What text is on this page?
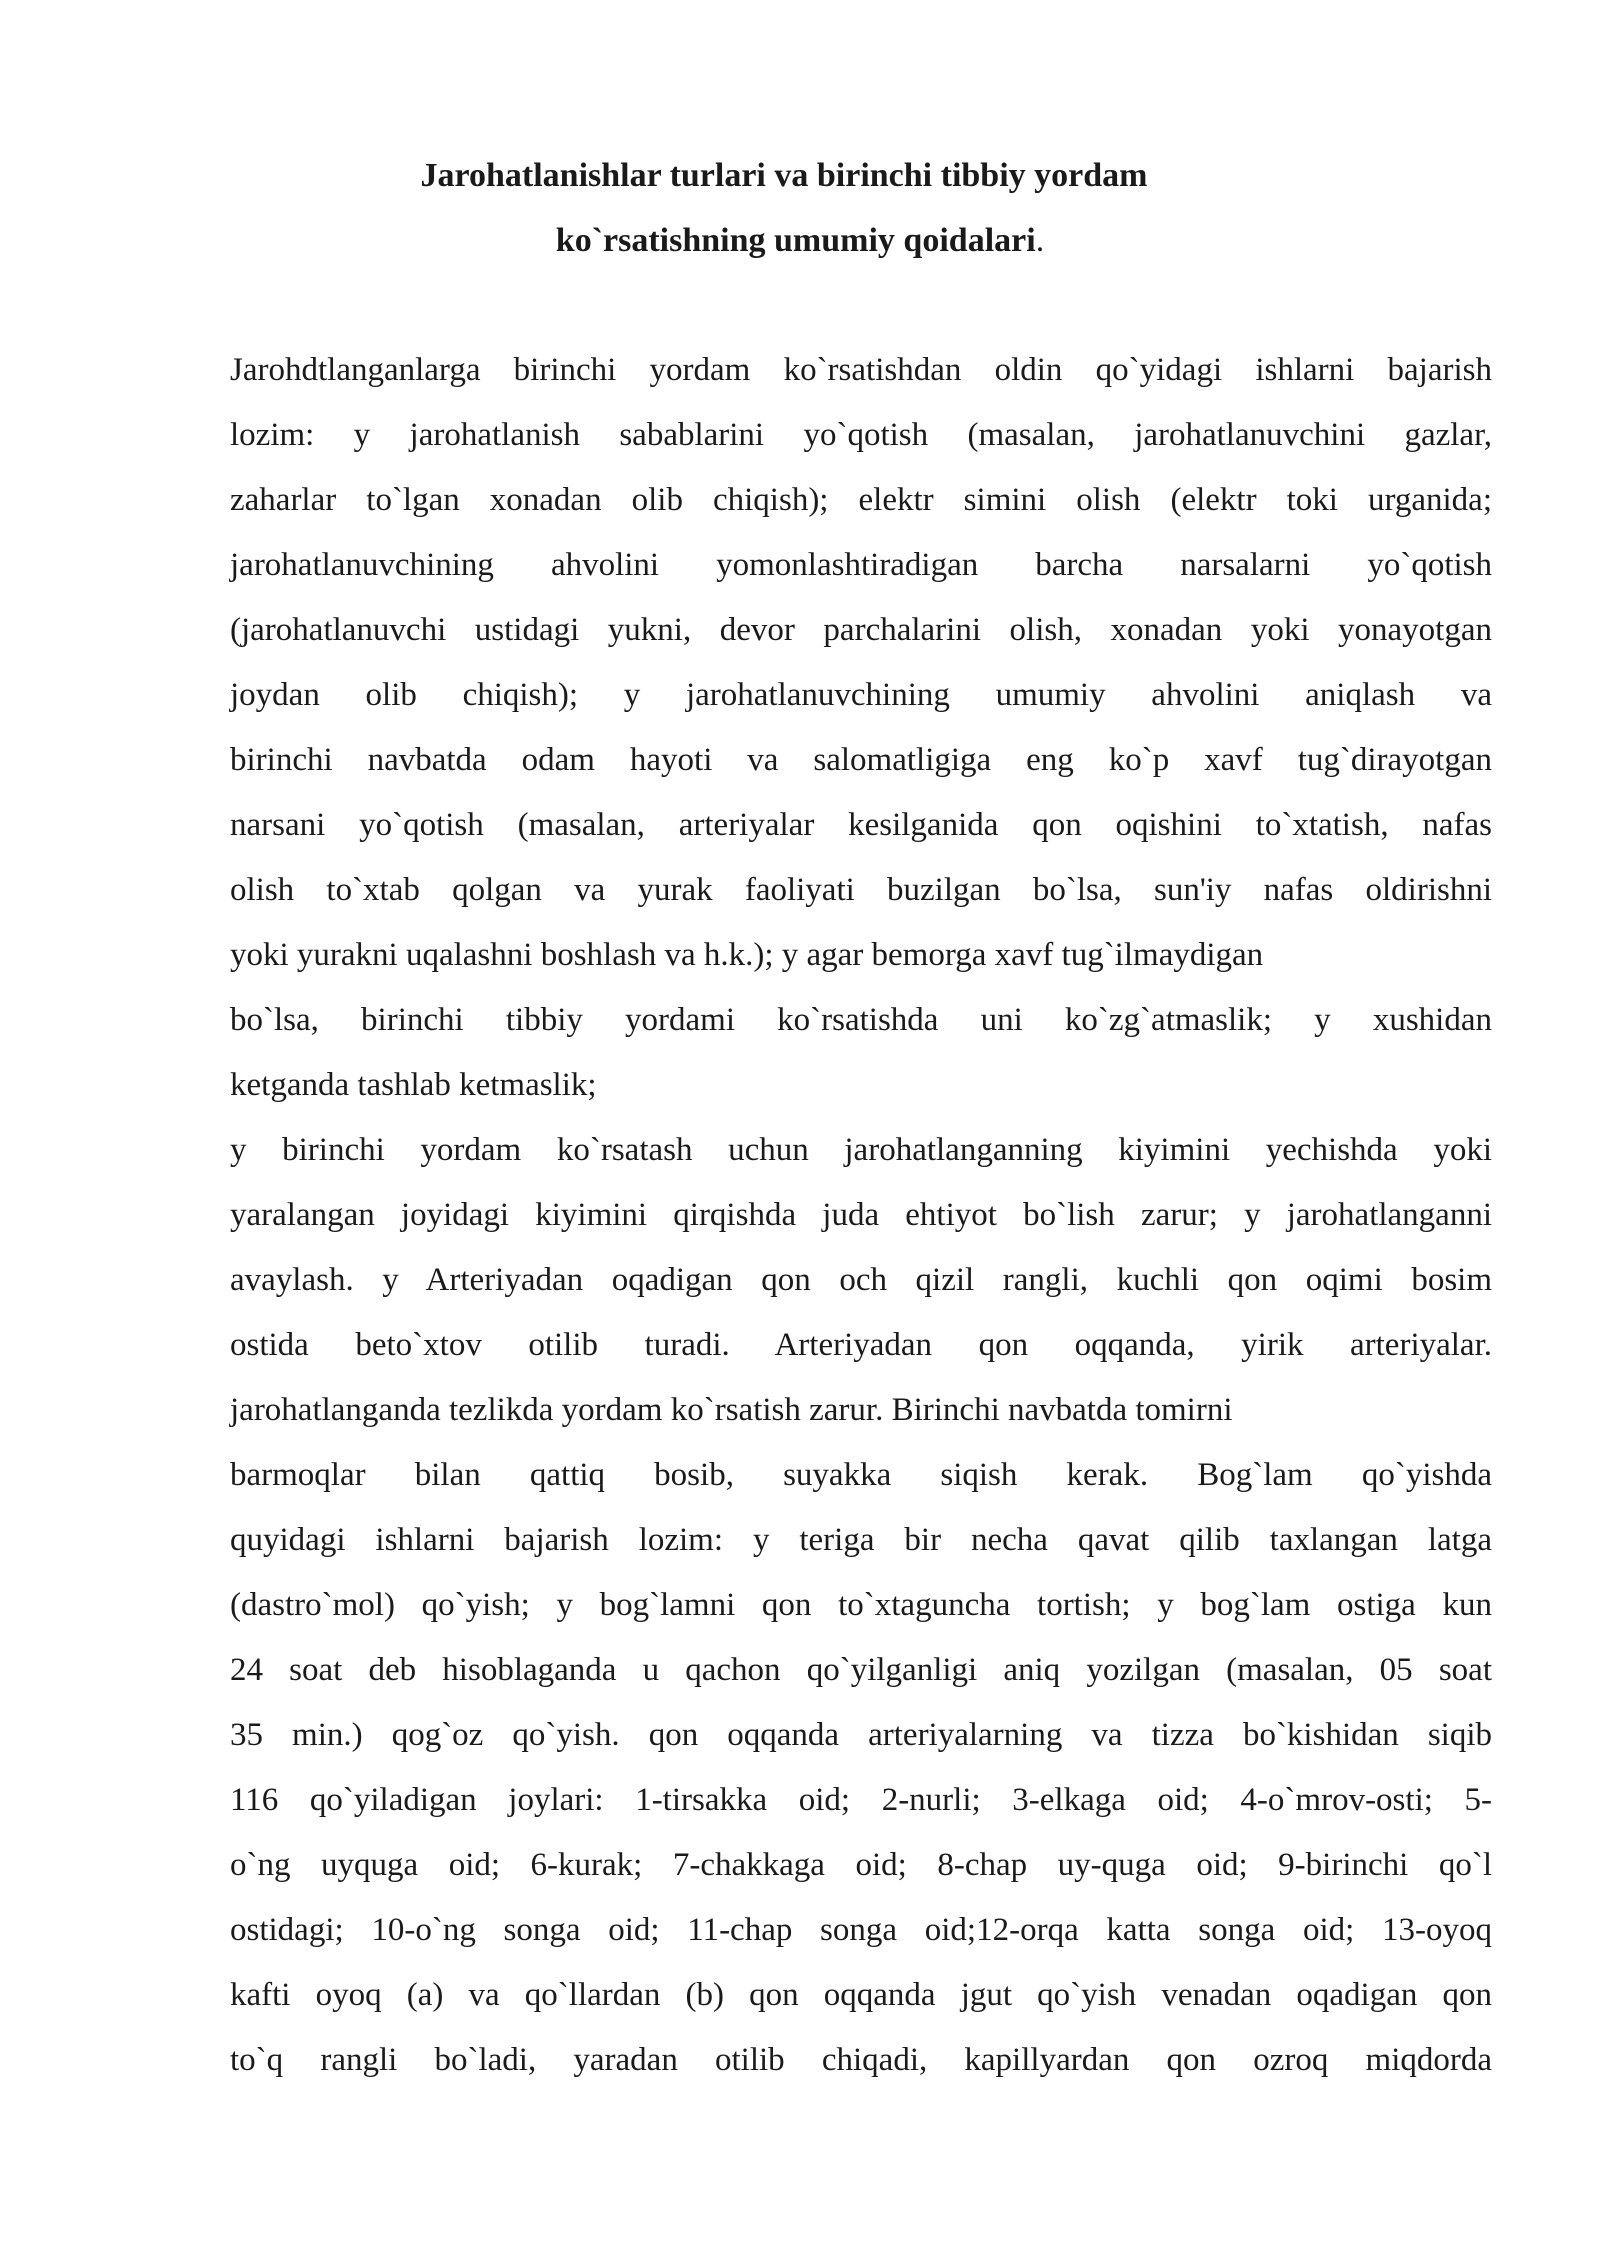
Jarohatlanishlar turlari va birinchi tibbiy yordam

ko`rsatishning umumiy qoidalari.

Jarohdtlanganlarga birinchi yordam ko`rsatishdan oldin qo`yidagi ishlarni bajarish

lozim: y jarohatlanish sabablarini yo`qotish (masalan, jarohatlanuvchini gazlar,

zaharlar to`lgan xonadan olib chiqish); elektr simini olish (elektr toki urganida;

jarohatlanuvchining ahvolini yomonlashtiradigan barcha narsalarni yo`qotish

(jarohatlanuvchi ustidagi yukni, devor parchalarini olish, xonadan yoki yonayotgan

joydan olib chiqish); y jarohatlanuvchining umumiy ahvolini aniqlash va

birinchi navbatda odam hayoti va salomatligiga eng ko`p xavf tug`dirayotgan

narsani yo`qotish (masalan, arteriyalar kesilganida qon oqishini to`xtatish, nafas

olish to`xtab qolgan va yurak faoliyati buzilgan bo`lsa, sun'iy nafas oldirishni

yoki yurakni uqalashni boshlash va h.k.); y agar bemorga xavf tug`ilmaydigan

bo`lsa, birinchi tibbiy yordami ko`rsatishda uni ko`zg`atmaslik; y xushidan

ketganda tashlab ketmaslik;

y birinchi yordam ko`rsatash uchun jarohatlanganning kiyimini yechishda yoki

yaralangan joyidagi kiyimini qirqishda juda ehtiyot bo`lish zarur; y jarohatlanganni

avaylash. y Arteriyadan oqadigan qon och qizil rangli, kuchli qon oqimi bosim

ostida beto`xtov otilib turadi. Arteriyadan qon oqqanda, yirik arteriyalar.

jarohatlanganda tezlikda yordam ko`rsatish zarur. Birinchi navbatda tomirni

barmoqlar bilan qattiq bosib, suyakka siqish kerak. Bog`lam qo`yishda

quyidagi ishlarni bajarish lozim: y teriga bir necha qavat qilib taxlangan latga

(dastro`mol) qo`yish; y bog`lamni qon to`xtaguncha tortish; y bog`lam ostiga kun

24 soat deb hisoblaganda u qachon qo`yilganligi aniq yozilgan (masalan, 05 soat

35 min.) qog`oz qo`yish. qon oqqanda arteriyalarning va tizza bo`kishidan siqib

116 qo`yiladigan joylari: 1-tirsakka oid; 2-nurli; 3-elkaga oid; 4-o`mrov-osti; 5-

o`ng uyquga oid; 6-kurak; 7-chakkaga oid; 8-chap uy-quga oid; 9-birinchi qo`l

ostidagi; 10-o`ng songa oid; 11-chap songa oid;12-orqa katta songa oid; 13-oyoq

kafti oyoq (a) va qo`llardan (b) qon oqqanda jgut qo`yish venadan oqadigan qon

to`q rangli bo`ladi, yaradan otilib chiqadi, kapillyardan qon ozroq miqdorda
